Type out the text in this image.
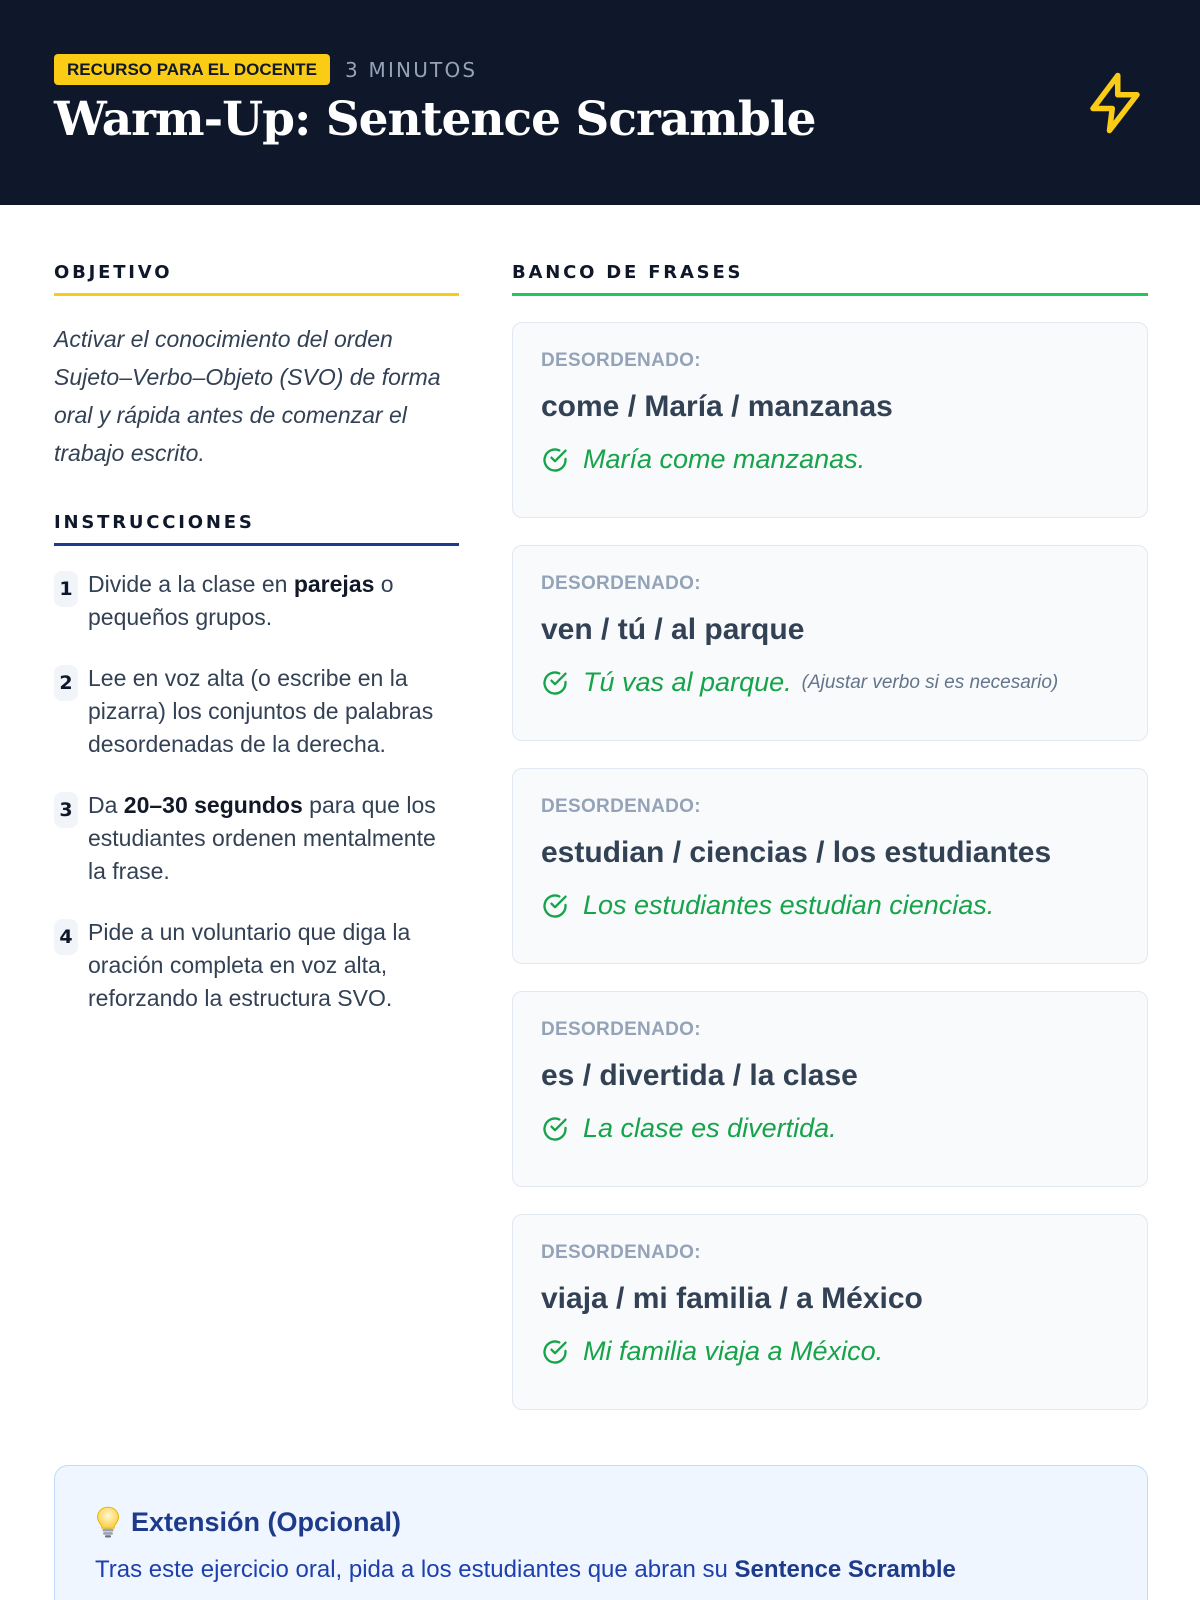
RECURSO PARA EL DOCENTE	3 MINUTOS
Warm-Up: Sentence Scramble
OBJETIVO

Activar el conocimiento del orden Sujeto–Verbo–Objeto (SVO) de forma oral y rápida antes de comenzar el trabajo escrito.

INSTRUCCIONES
1 Divide a la clase en parejas o pequeños grupos.
2 Lee en voz alta (o escribe en la pizarra) los conjuntos de palabras desordenadas de la derecha.
3 Da 20–30 segundos para que los estudiantes ordenen mentalmente la frase.
4 Pide a un voluntario que diga la oración completa en voz alta, reforzando la estructura SVO.
BANCO DE FRASES
DESORDENADO:
come / María / manzanas
María come manzanas.
DESORDENADO:
ven / tú / al parque
Tú vas al parque. (Ajustar verbo si es necesario)
DESORDENADO:
estudian / ciencias / los estudiantes
Los estudiantes estudian ciencias.
DESORDENADO:
es / divertida / la clase
La clase es divertida.
DESORDENADO:
viaja / mi familia / a México
Mi familia viaja a México.
Extensión (Opcional)

Tras este ejercicio oral, pida a los estudiantes que abran su Sentence Scramble
